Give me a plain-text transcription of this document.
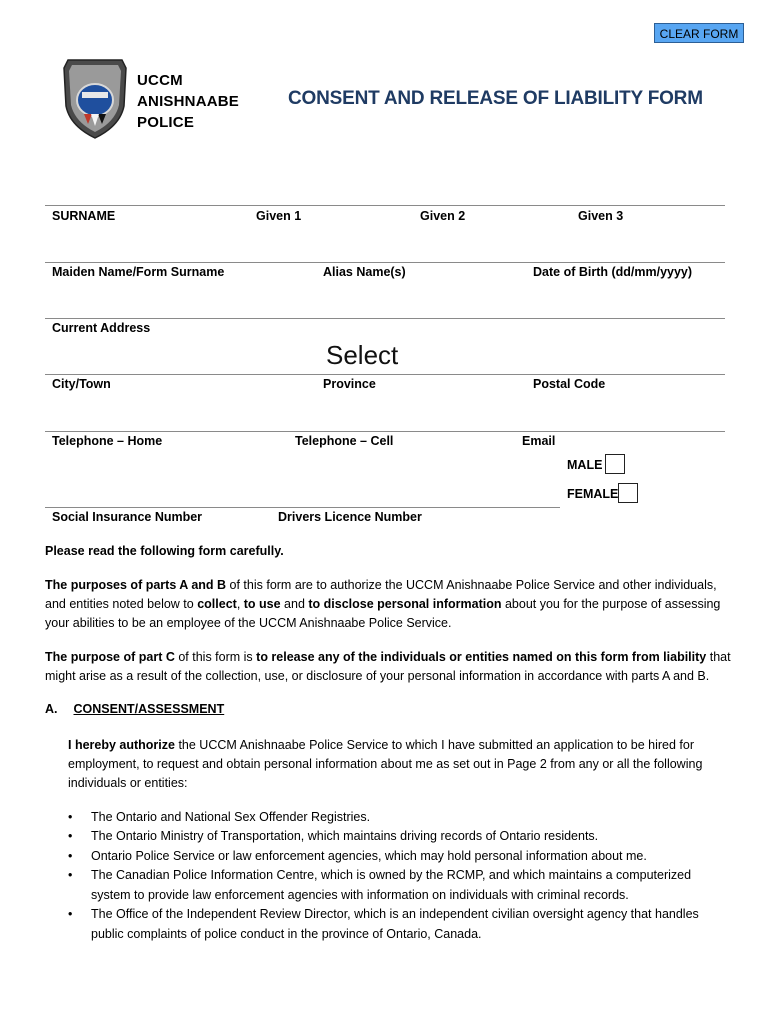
CLEAR FORM
UCCM
ANISHNAABE
POLICE
CONSENT AND RELEASE OF LIABILITY FORM
SURNAME	Given 1	Given 2	Given 3
Maiden Name/Form Surname	Alias Name(s)	Date of Birth (dd/mm/yyyy)
Current Address
Select
City/Town	Province	Postal Code
Telephone – Home	Telephone – Cell	Email
MALE
FEMALE
Social Insurance Number	Drivers Licence Number
Please read the following form carefully.
The purposes of parts A and B of this form are to authorize the UCCM Anishnaabe Police Service and other individuals, and entities noted below to collect, to use and to disclose personal information about you for the purpose of assessing your abilities to be an employee of the UCCM Anishnaabe Police Service.
The purpose of part C of this form is to release any of the individuals or entities named on this form from liability that might arise as a result of the collection, use, or disclosure of your personal information in accordance with parts A and B.
A. CONSENT/ASSESSMENT
I hereby authorize the UCCM Anishnaabe Police Service to which I have submitted an application to be hired for employment, to request and obtain personal information about me as set out in Page 2 from any or all the following individuals or entities:
• The Ontario and National Sex Offender Registries.
• The Ontario Ministry of Transportation, which maintains driving records of Ontario residents.
• Ontario Police Service or law enforcement agencies, which may hold personal information about me.
• The Canadian Police Information Centre, which is owned by the RCMP, and which maintains a computerized system to provide law enforcement agencies with information on individuals with criminal records.
• The Office of the Independent Review Director, which is an independent civilian oversight agency that handles public complaints of police conduct in the province of Ontario, Canada.
